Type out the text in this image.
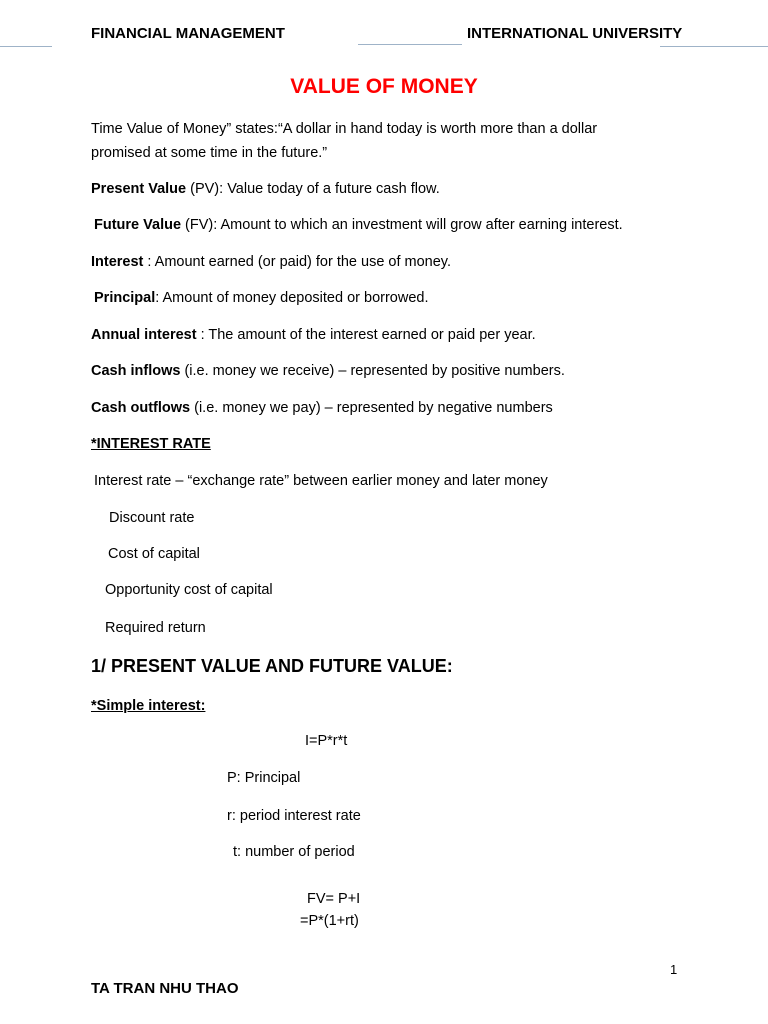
FINANCIAL MANAGEMENT	INTERNATIONAL UNIVERSITY
VALUE OF MONEY
Time Value of Money” states:“A dollar in hand today is worth more than a dollar
promised at some time in the future.”
Present Value (PV): Value today of a future cash flow.
Future Value (FV): Amount to which an investment will grow after earning interest.
Interest : Amount earned (or paid) for the use of money.
Principal: Amount of money deposited or borrowed.
Annual interest : The amount of the interest earned or paid per year.
Cash inflows (i.e. money we receive) – represented by positive numbers.
Cash outflows (i.e. money we pay) – represented by negative numbers
*INTEREST RATE
Interest rate – “exchange rate” between earlier money and later money
Discount rate
Cost of capital
Opportunity cost of capital
Required return
1/ PRESENT VALUE AND FUTURE VALUE:
*Simple interest:
I=P*r*t
P: Principal
r: period interest rate
t: number of period
FV= P+I
=P*(1+rt)
1
TA TRAN NHU THAO
